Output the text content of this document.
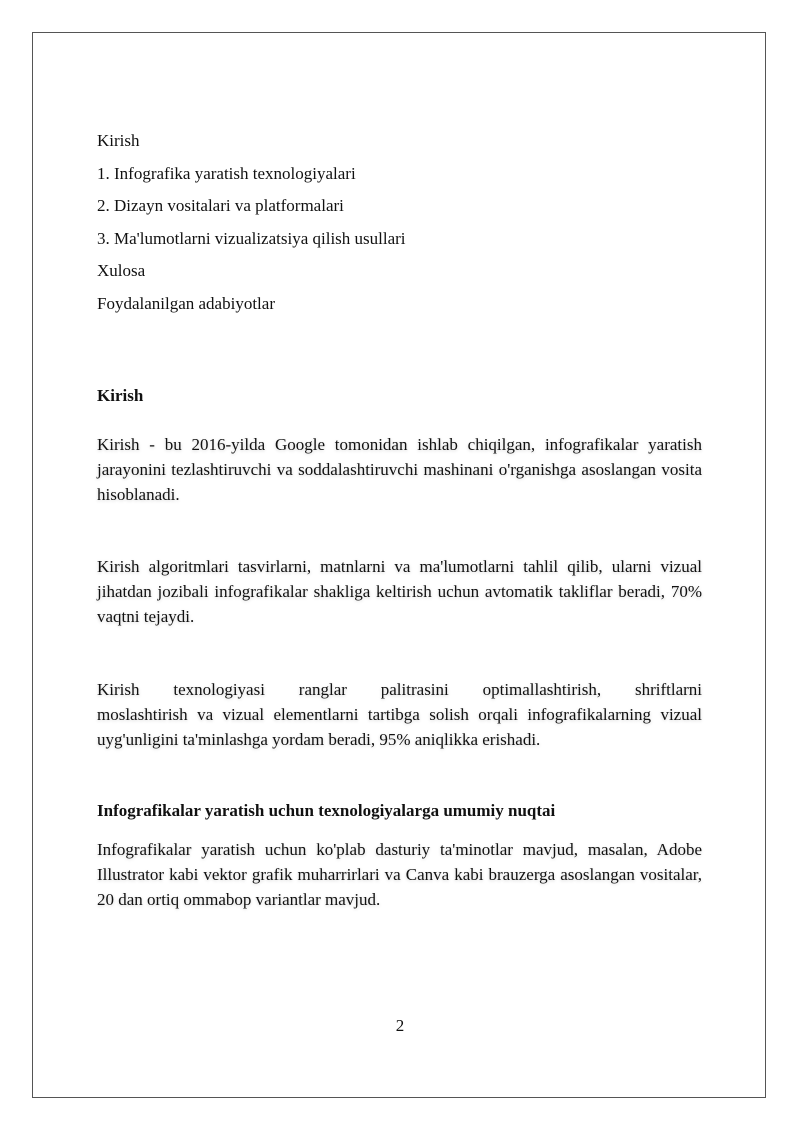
Kirish

1. Infografika yaratish texnologiyalari

2. Dizayn vositalari va platformalari

3. Ma'lumotlarni vizualizatsiya qilish usullari

Xulosa

Foydalanilgan adabiyotlar

Kirish

Kirish - bu 2016-yilda Google tomonidan ishlab chiqilgan, infografikalar yaratish jarayonini tezlashtiruvchi va soddalashtiruvchi mashinani o'rganishga asoslangan vosita hisoblanadi.

Kirish algoritmlari tasvirlarni, matnlarni va ma'lumotlarni tahlil qilib, ularni vizual jihatdan jozibali infografikalar shakliga keltirish uchun avtomatik takliflar beradi, 70% vaqtni tejaydi.

Kirish texnologiyasi ranglar palitrasini optimallashtirish, shriftlarni

moslashtirish va vizual elementlarni tartibga solish orqali infografikalarning vizual uyg'unligini ta'minlashga yordam beradi, 95% aniqlikka erishadi.

Infografikalar yaratish uchun texnologiyalarga umumiy nuqtai

Infografikalar yaratish uchun ko'plab dasturiy ta'minotlar mavjud, masalan, Adobe Illustrator kabi vektor grafik muharrirlari va Canva kabi brauzerga asoslangan vositalar, 20 dan ortiq ommabop variantlar mavjud.

2
